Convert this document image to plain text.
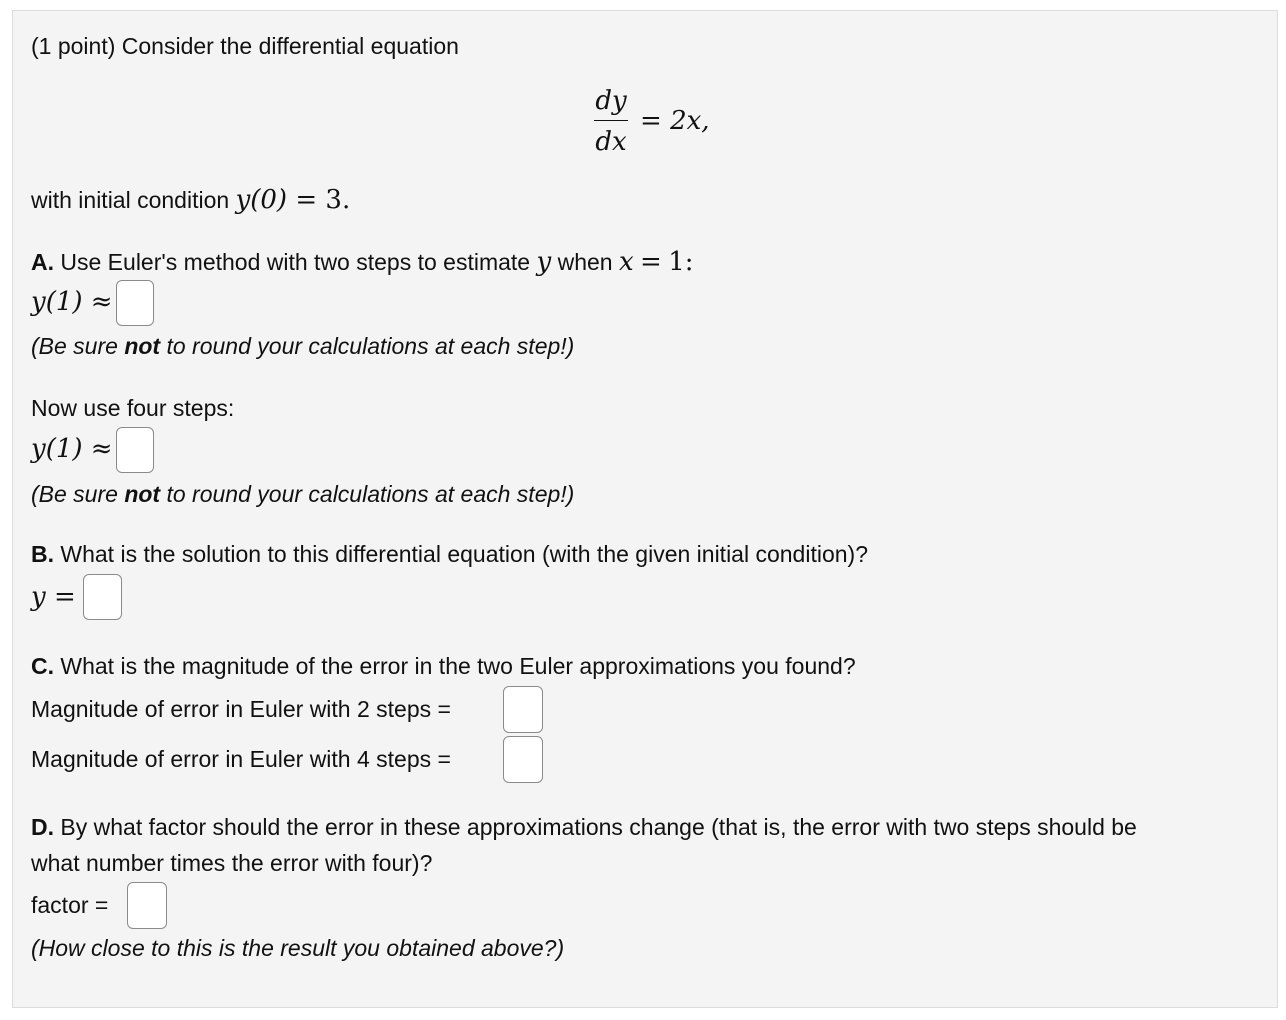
(1 point) Consider the differential equation
dy
dx
= 2x,
with initial condition y(0) = 3.
A. Use Euler's method with two steps to estimate y when x = 1:
y(1) ≈
(Be sure not to round your calculations at each step!)
Now use four steps:
y(1) ≈
(Be sure not to round your calculations at each step!)
B. What is the solution to this differential equation (with the given initial condition)?
y =
C. What is the magnitude of the error in the two Euler approximations you found?
Magnitude of error in Euler with 2 steps =
Magnitude of error in Euler with 4 steps =
D. By what factor should the error in these approximations change (that is, the error with two steps should be
what number times the error with four)?
factor =
(How close to this is the result you obtained above?)
